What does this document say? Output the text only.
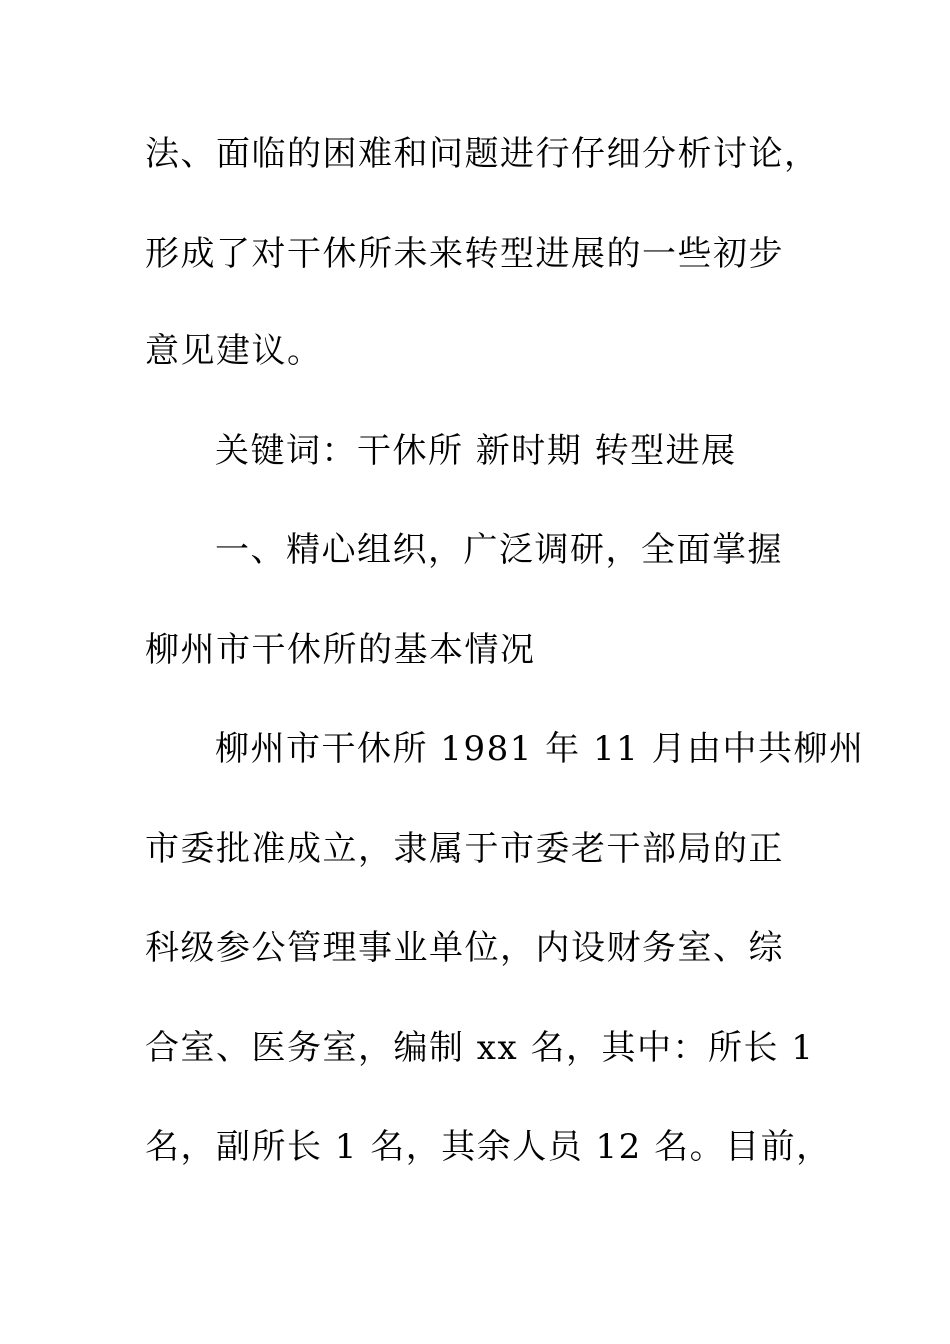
法、面临的困难和问题进行仔细分析讨论，
形成了对干休所未来转型进展的一些初步
意见建议。
关键词：干休所 新时期 转型进展
一、精心组织，广泛调研，全面掌握
柳州市干休所的基本情况
柳州市干休所 1981 年 11 月由中共柳州
市委批准成立，隶属于市委老干部局的正
科级参公管理事业单位，内设财务室、综
合室、医务室，编制 xx 名，其中：所长 1
名，副所长 1 名，其余人员 12 名。目前，
